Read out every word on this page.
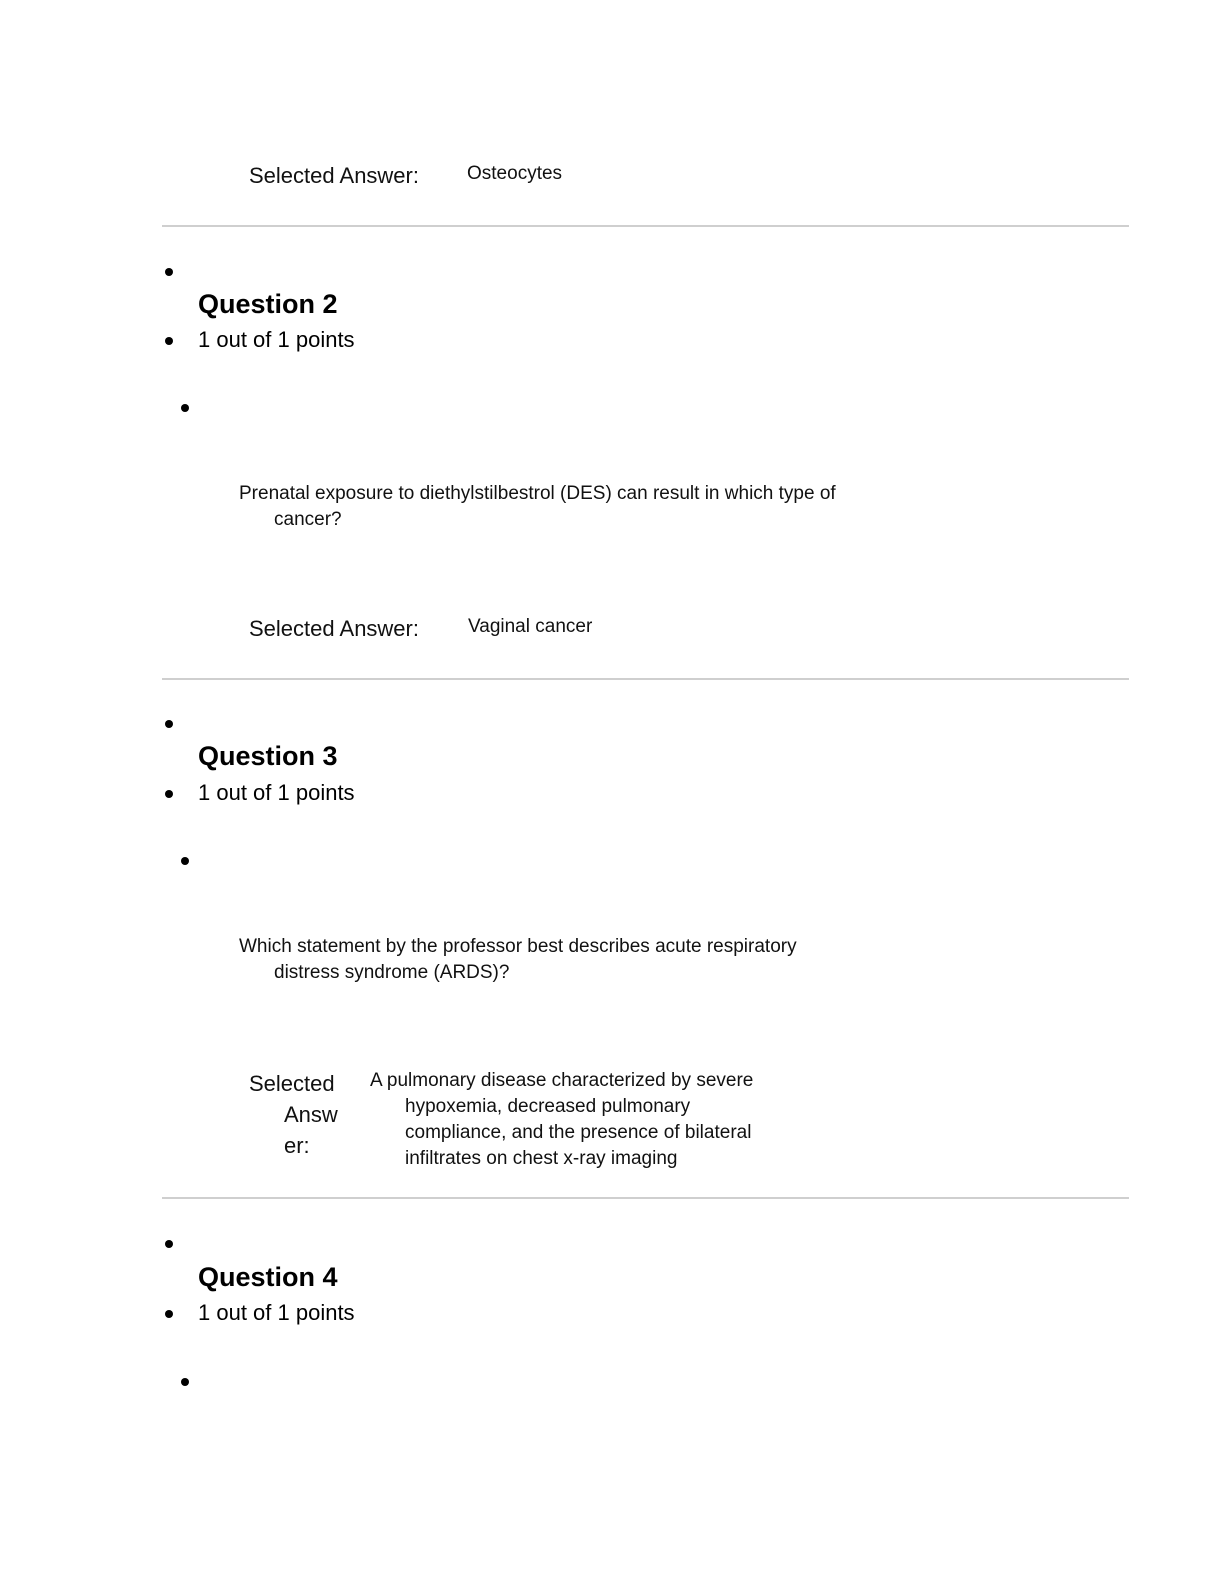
Selected Answer:	Osteocytes
Question 2
1 out of 1 points
Prenatal exposure to diethylstilbestrol (DES) can result in which type of
cancer?
Selected Answer:	Vaginal cancer
Question 3
1 out of 1 points
Which statement by the professor best describes acute respiratory
distress syndrome (ARDS)?
Selected
Answ
er:
A pulmonary disease characterized by severe
hypoxemia, decreased pulmonary
compliance, and the presence of bilateral
infiltrates on chest x-ray imaging
Question 4
1 out of 1 points
